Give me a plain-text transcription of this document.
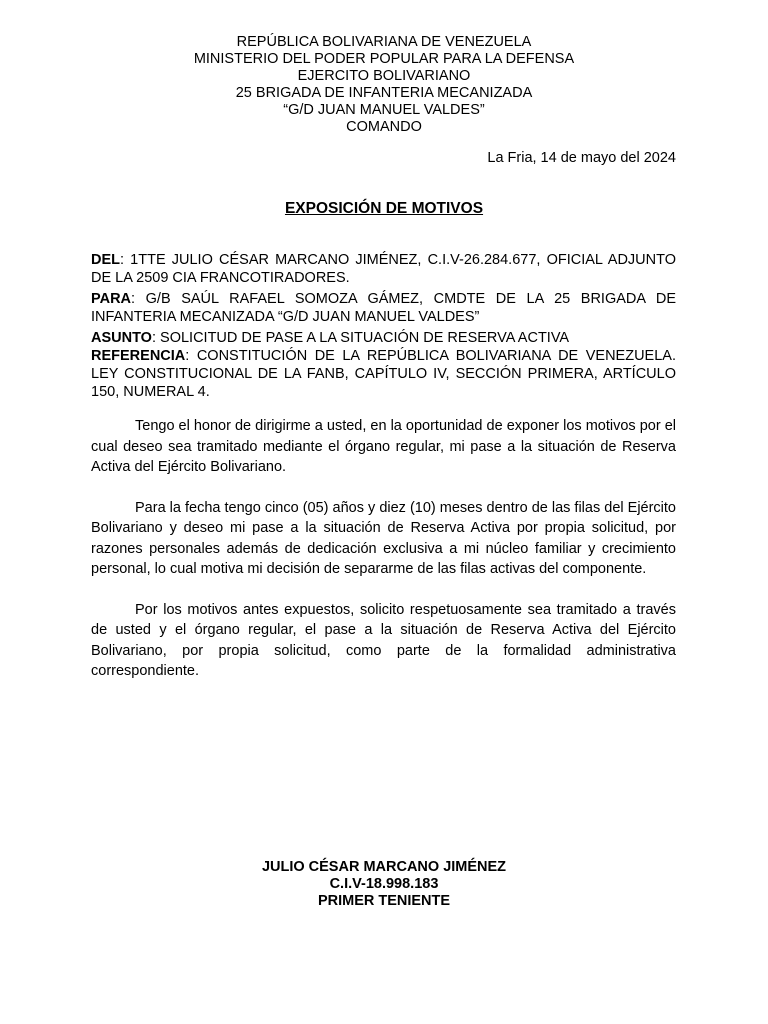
REPÚBLICA BOLIVARIANA DE VENEZUELA
MINISTERIO DEL PODER POPULAR PARA LA DEFENSA
EJERCITO BOLIVARIANO
25 BRIGADA DE INFANTERIA MECANIZADA
“G/D JUAN MANUEL VALDES”
COMANDO
La Fria, 14 de mayo del 2024
EXPOSICIÓN DE MOTIVOS

DEL: 1TTE JULIO CÉSAR MARCANO JIMÉNEZ, C.I.V-26.284.677, OFICIAL ADJUNTO DE LA 2509 CIA FRANCOTIRADORES.

PARA: G/B SAÚL RAFAEL SOMOZA GÁMEZ, CMDTE DE LA 25 BRIGADA DE INFANTERIA MECANIZADA “G/D JUAN MANUEL VALDES”

ASUNTO: SOLICITUD DE PASE A LA SITUACIÓN DE RESERVA ACTIVA

REFERENCIA: CONSTITUCIÓN DE LA REPÚBLICA BOLIVARIANA DE VENEZUELA. LEY CONSTITUCIONAL DE LA FANB, CAPÍTULO IV, SECCIÓN PRIMERA, ARTÍCULO 150, NUMERAL 4.

Tengo el honor de dirigirme a usted, en la oportunidad de exponer los motivos por el cual deseo sea tramitado mediante el órgano regular, mi pase a la situación de Reserva Activa del Ejército Bolivariano.

Para la fecha tengo cinco (05) años y diez (10) meses dentro de las filas del Ejército Bolivariano y deseo mi pase a la situación de Reserva Activa por propia solicitud, por razones personales además de dedicación exclusiva a mi núcleo familiar y crecimiento personal, lo cual motiva mi decisión de separarme de las filas activas del componente.

Por los motivos antes expuestos, solicito respetuosamente sea tramitado a través de usted y el órgano regular, el pase a la situación de Reserva Activa del Ejército Bolivariano, por propia solicitud, como parte de la formalidad administrativa correspondiente.

JULIO CÉSAR MARCANO JIMÉNEZ
C.I.V-18.998.183
PRIMER TENIENTE
